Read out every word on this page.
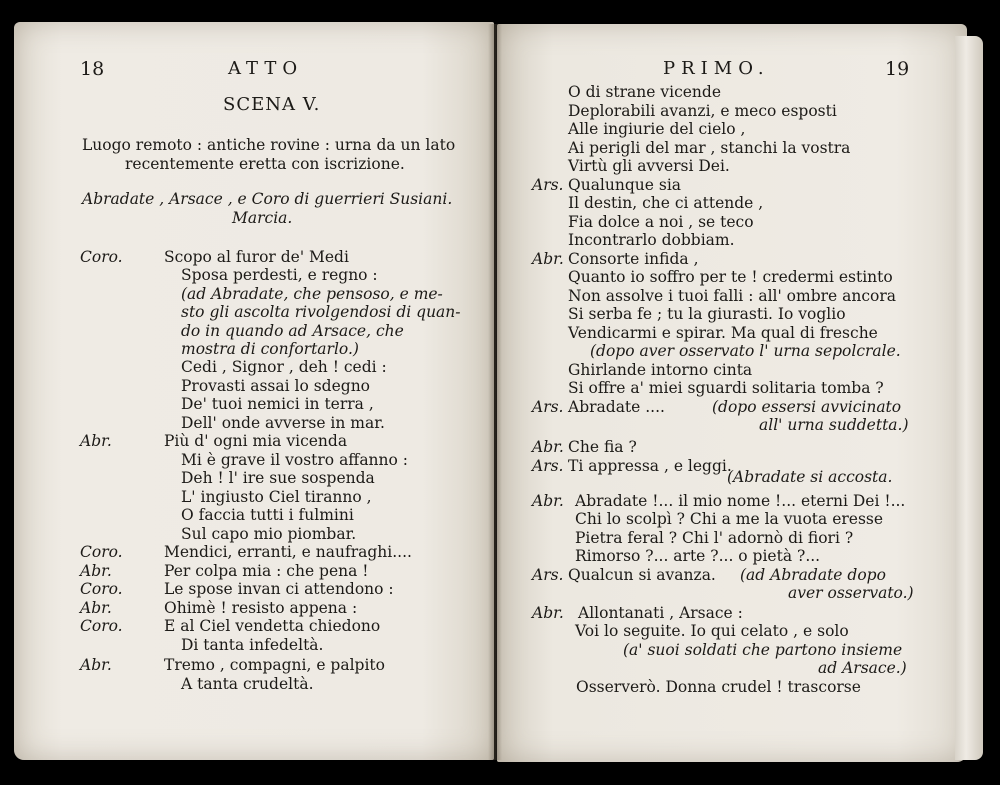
18	ATTO
SCENA V.
Luogo remoto : antiche rovine : urna da un lato
recentemente eretta con iscrizione.
Abradate , Arsace , e Coro di guerrieri Susiani.
Marcia.
Coro.	Scopo al furor de' Medi
Sposa perdesti, e regno :
(ad Abradate, che pensoso, e me-
sto gli ascolta rivolgendosi di quan-
do in quando ad Arsace, che
mostra di confortarlo.)
Cedi , Signor , deh ! cedi :
Provasti assai lo sdegno
De' tuoi nemici in terra ,
Dell' onde avverse in mar.
Abr.	Più d' ogni mia vicenda
Mi è grave il vostro affanno :
Deh ! l' ire sue sospenda
L' ingiusto Ciel tiranno ,
O faccia tutti i fulmini
Sul capo mio piombar.
Coro.	Mendici, erranti, e naufraghi....
Abr.	Per colpa mia : che pena !
Coro.	Le spose invan ci attendono :
Abr.	Ohimè ! resisto appena :
Coro.	E al Ciel vendetta chiedono
Di tanta infedeltà.
Abr.	Tremo , compagni, e palpito
A tanta crudeltà.
PRIMO.	19
O di strane vicende
Deplorabili avanzi, e meco esposti
Alle ingiurie del cielo ,
Ai perigli del mar , stanchi la vostra
Virtù gli avversi Dei.
Ars. Qualunque sia
Il destin, che ci attende ,
Fia dolce a noi , se teco
Incontrarlo dobbiam.
Abr. Consorte infida ,
Quanto io soffro per te ! credermi estinto
Non assolve i tuoi falli : all' ombre ancora
Si serba fe ; tu la giurasti. Io voglio
Vendicarmi e spirar. Ma qual di fresche
(dopo aver osservato l' urna sepolcrale.
Ghirlande intorno cinta
Si offre a' miei sguardi solitaria tomba ?
Ars. Abradate ....	(dopo essersi avvicinato
all' urna suddetta.)
Abr. Che fia ?
Ars. Ti appressa , e leggi.
(Abradate si accosta.
Abr. Abradate !... il mio nome !... eterni Dei !...
Chi lo scolpì ? Chi a me la vuota eresse
Pietra feral ? Chi l' adornò di fiori ?
Rimorso ?... arte ?... o pietà ?...
Ars. Qualcun si avanza. (ad Abradate dopo
aver osservato.)
Abr. Allontanati , Arsace :
Voi lo seguite. Io qui celato , e solo
(a' suoi soldati che partono insieme
ad Arsace.)
Osserverò. Donna crudel ! trascorse
